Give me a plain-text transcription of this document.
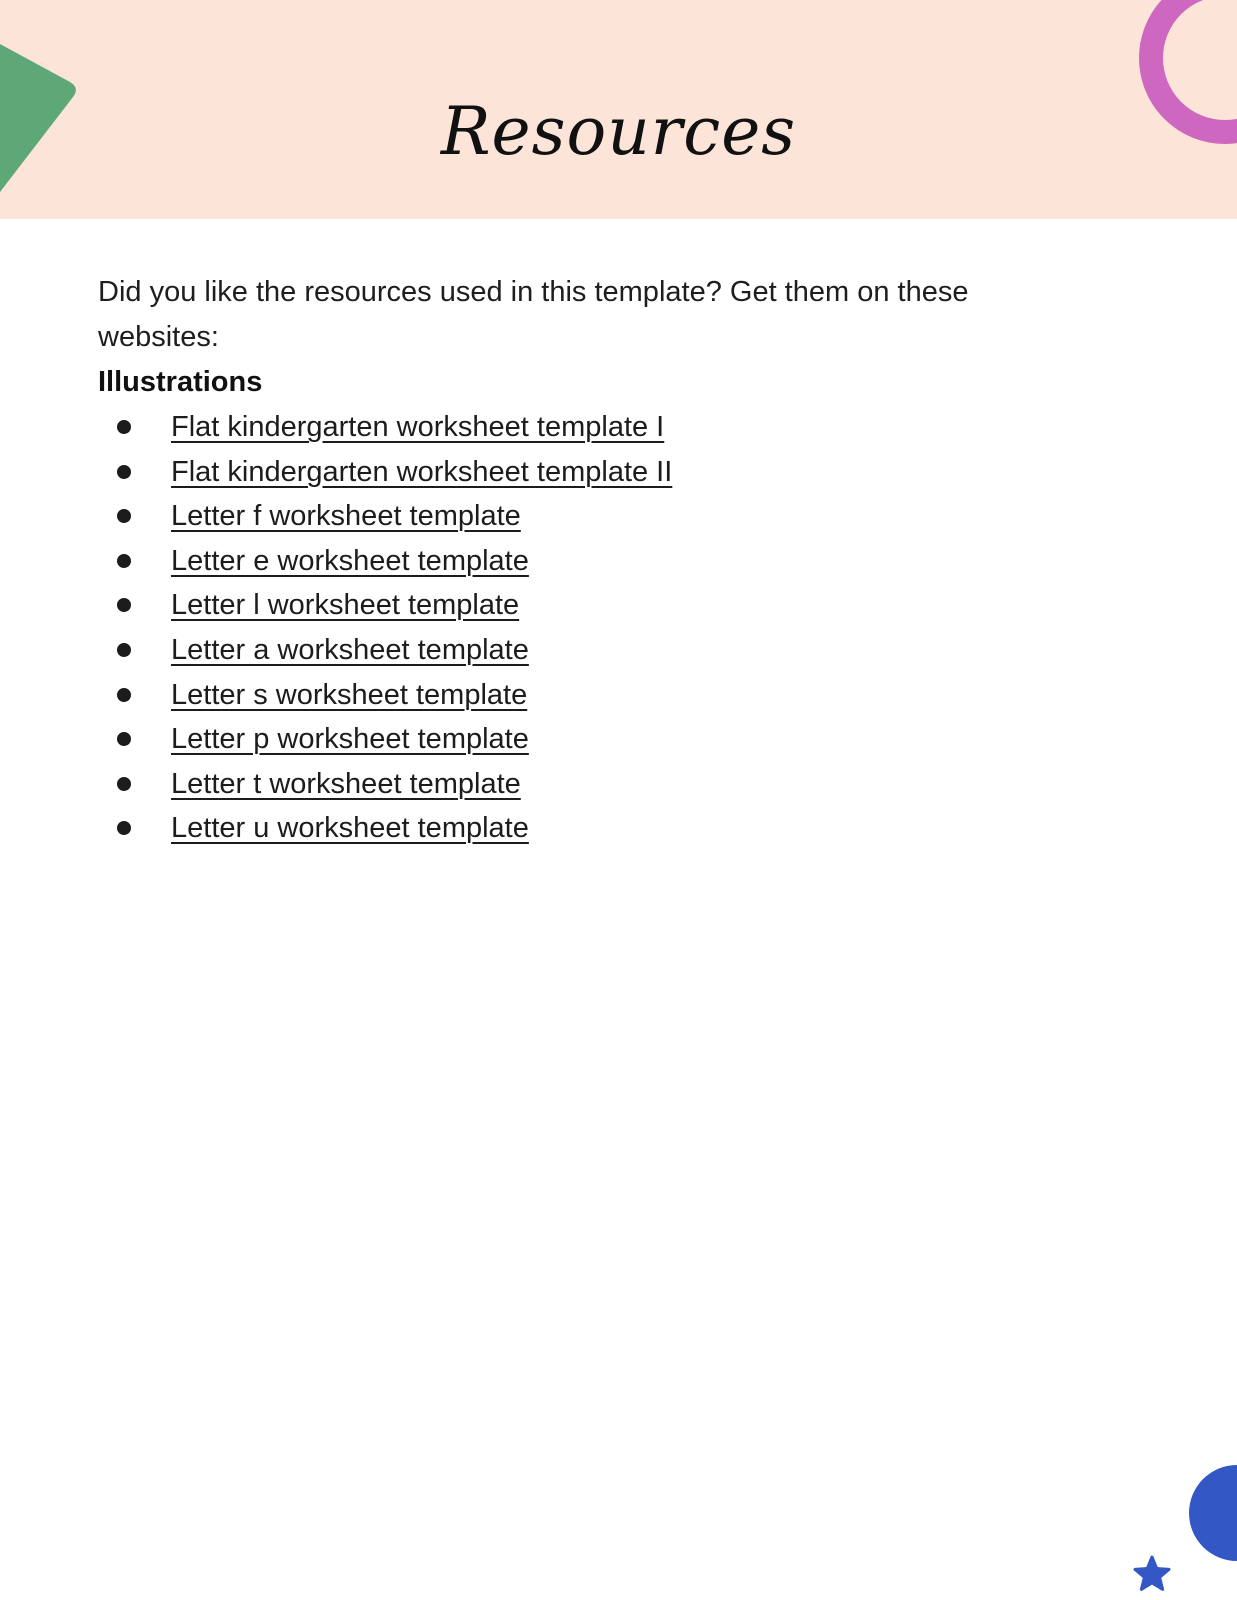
Resources

Did you like the resources used in this template? Get them on these websites:

Illustrations

Flat kindergarten worksheet template I
Flat kindergarten worksheet template II
Letter f worksheet template
Letter e worksheet template
Letter l worksheet template
Letter a worksheet template
Letter s worksheet template
Letter p worksheet template
Letter t worksheet template
Letter u worksheet template
